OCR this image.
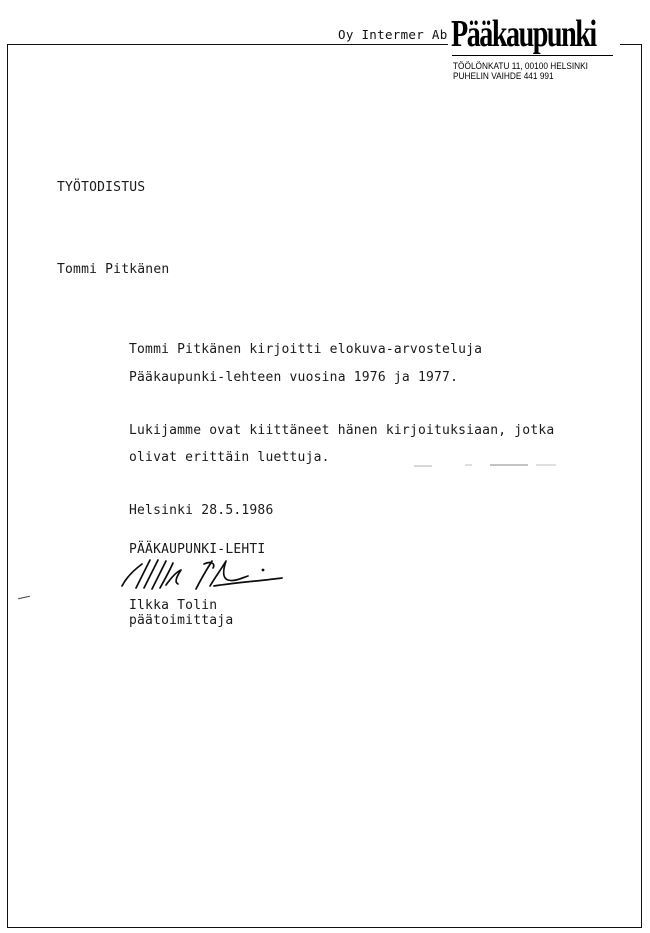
Oy Intermer Ab Pääkaupunki
TÖÖLÖNKATU 11, 00100 HELSINKI
PUHELIN VAIHDE 441 991
TYÖTODISTUS
Tommi Pitkänen
Tommi Pitkänen kirjoitti elokuva-arvosteluja
Pääkaupunki-lehteen vuosina 1976 ja 1977.
Lukijamme ovat kiittäneet hänen kirjoituksiaan, jotka
olivat erittäin luettuja.
Helsinki 28.5.1986
PÄÄKAUPUNKI-LEHTI
Ilkka Tolin
päätoimittaja
